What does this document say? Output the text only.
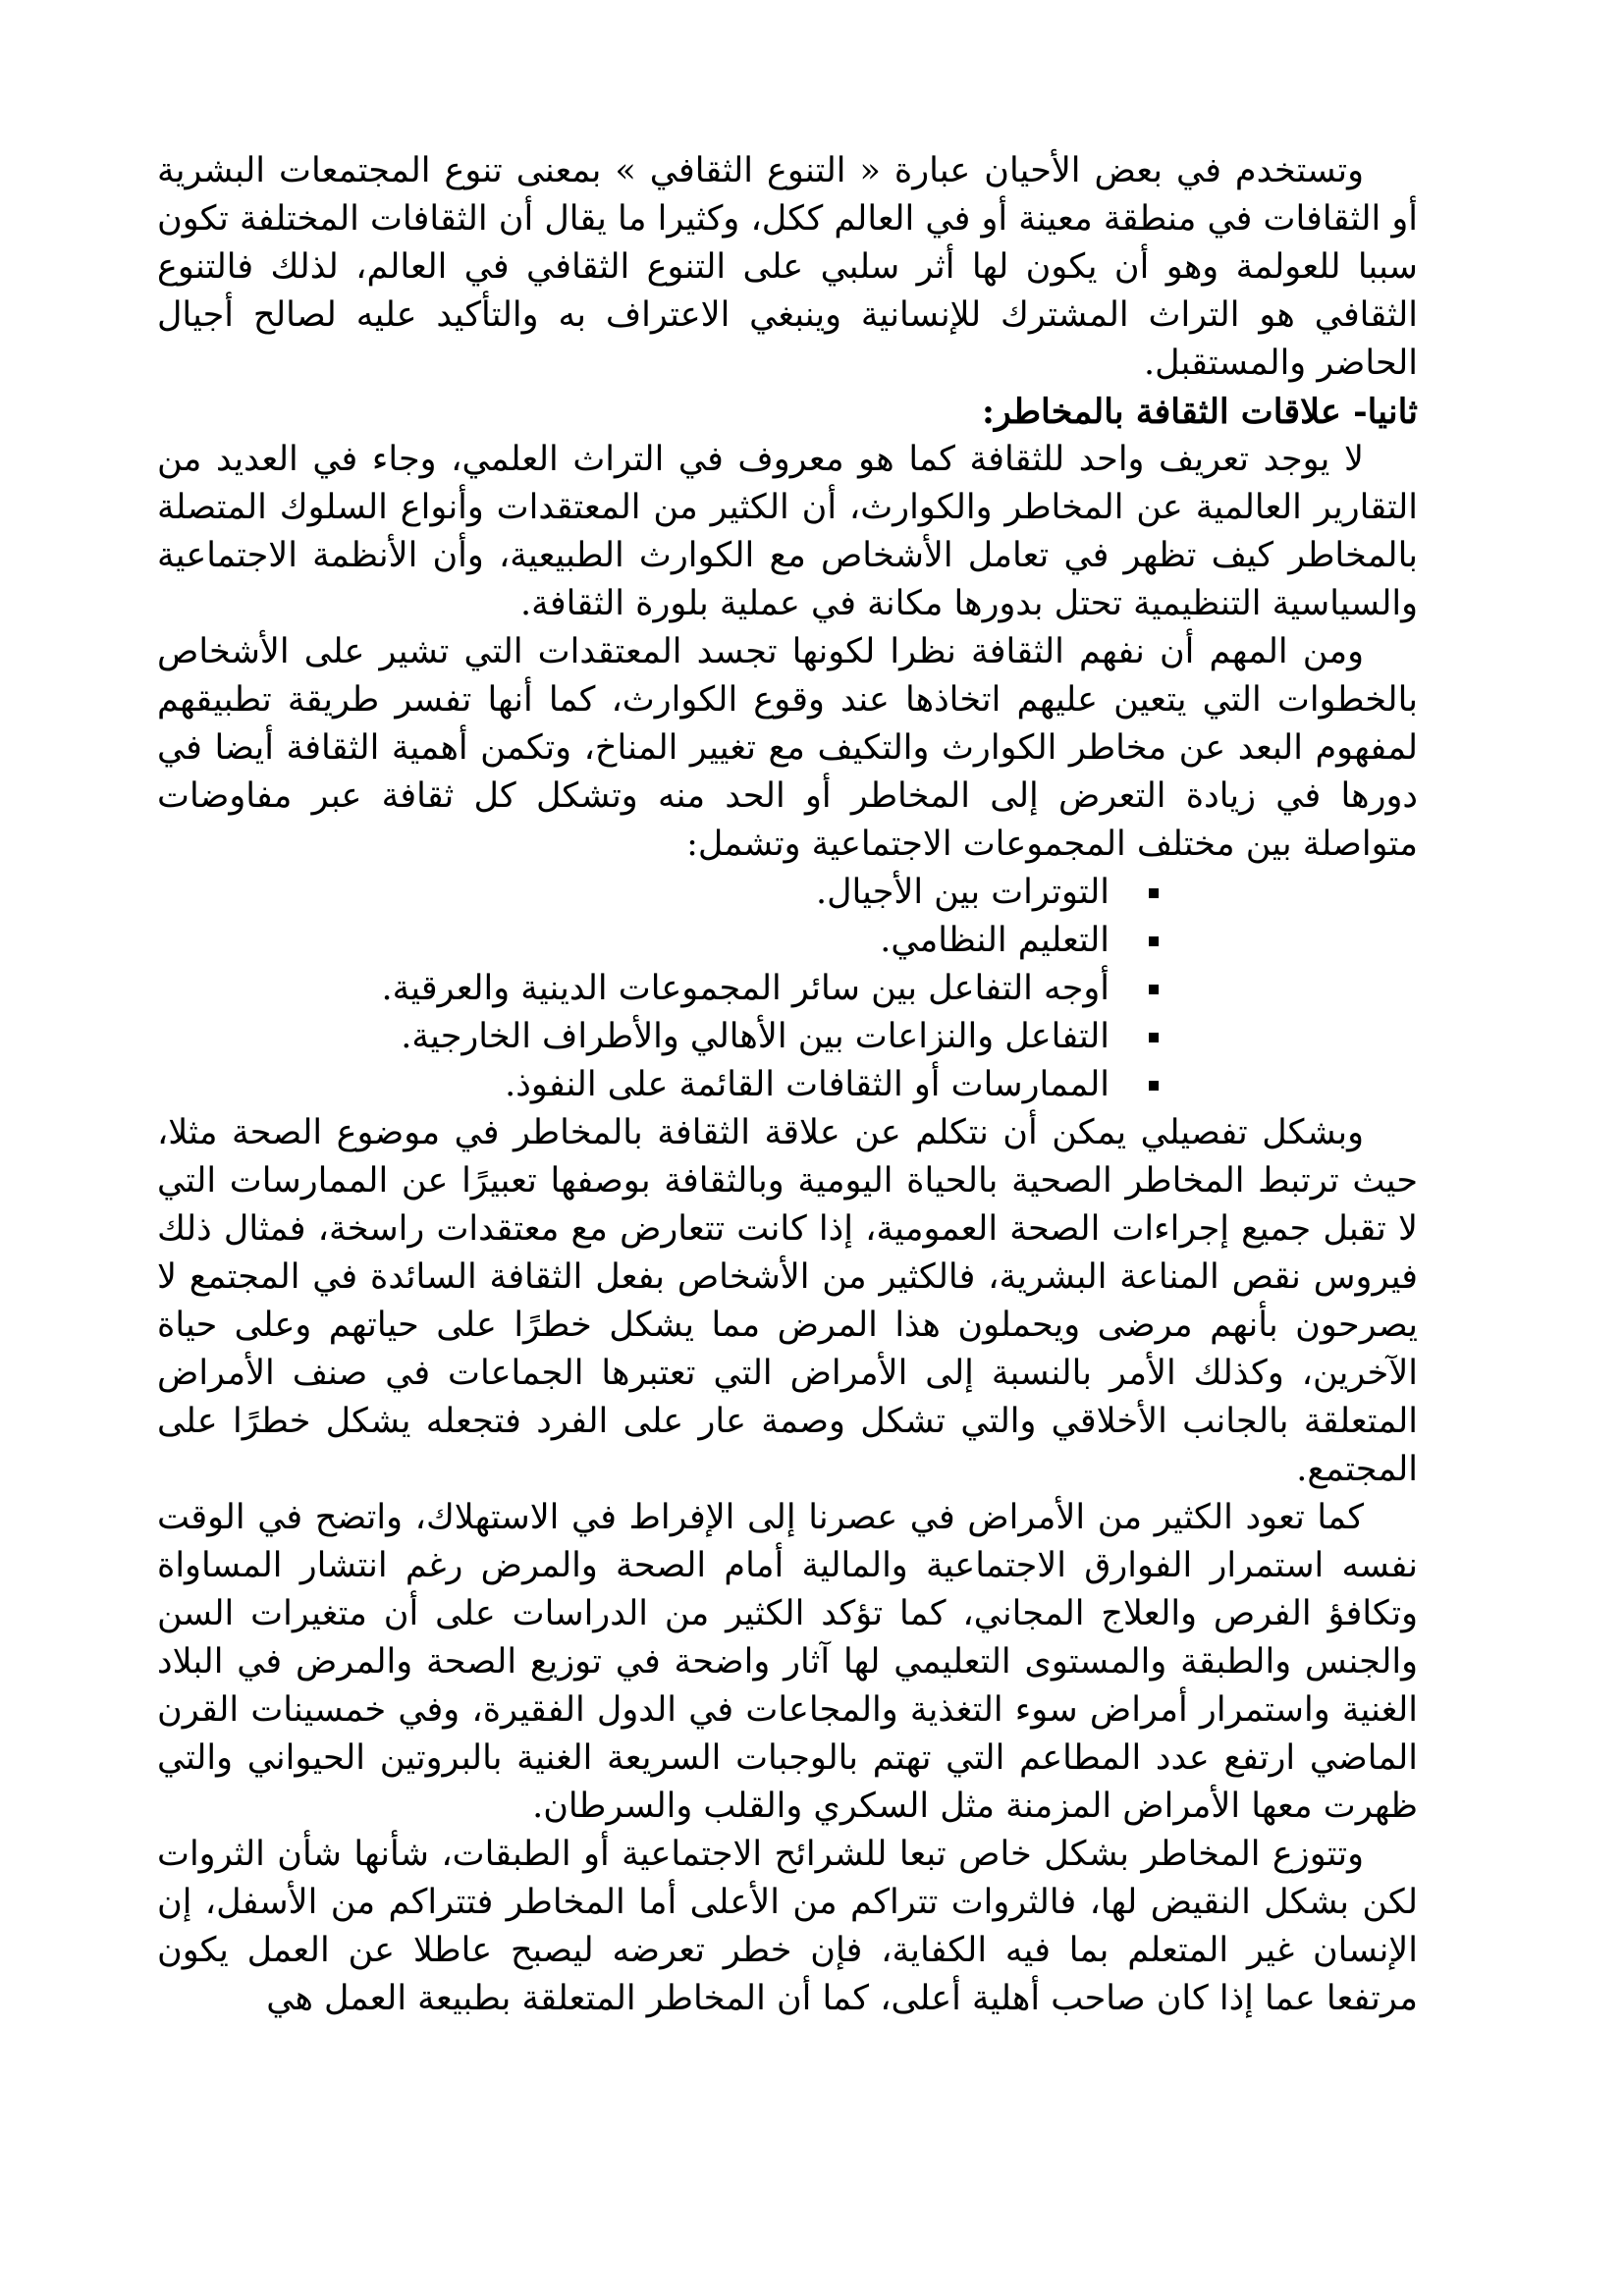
وتستخدم في بعض الأحيان عبارة « التنوع الثقافي » بمعنى تنوع المجتمعات البشرية أو الثقافات في منطقة معينة أو في العالم ككل، وكثيرا ما يقال أن الثقافات المختلفة تكون سببا للعولمة وهو أن يكون لها أثر سلبي على التنوع الثقافي في العالم، لذلك فالتنوع الثقافي هو التراث المشترك للإنسانية وينبغي الاعتراف به والتأكيد عليه لصالح أجيال الحاضر والمستقبل.

ثانيا- علاقات الثقافة بالمخاطر:

لا يوجد تعريف واحد للثقافة كما هو معروف في التراث العلمي، وجاء في العديد من التقارير العالمية عن المخاطر والكوارث، أن الكثير من المعتقدات وأنواع السلوك المتصلة بالمخاطر كيف تظهر في تعامل الأشخاص مع الكوارث الطبيعية، وأن الأنظمة الاجتماعية والسياسية التنظيمية تحتل بدورها مكانة في عملية بلورة الثقافة.

ومن المهم أن نفهم الثقافة نظرا لكونها تجسد المعتقدات التي تشير على الأشخاص بالخطوات التي يتعين عليهم اتخاذها عند وقوع الكوارث، كما أنها تفسر طريقة تطبيقهم لمفهوم البعد عن مخاطر الكوارث والتكيف مع تغيير المناخ، وتكمن أهمية الثقافة أيضا في دورها في زيادة التعرض إلى المخاطر أو الحد منه وتشكل كل ثقافة عبر مفاوضات متواصلة بين مختلف المجموعات الاجتماعية وتشمل:

التوترات بين الأجيال.
التعليم النظامي.
أوجه التفاعل بين سائر المجموعات الدينية والعرقية.
التفاعل والنزاعات بين الأهالي والأطراف الخارجية.
الممارسات أو الثقافات القائمة على النفوذ.

وبشكل تفصيلي يمكن أن نتكلم عن علاقة الثقافة بالمخاطر في موضوع الصحة مثلا، حيث ترتبط المخاطر الصحية بالحياة اليومية وبالثقافة بوصفها تعبيرًا عن الممارسات التي لا تقبل جميع إجراءات الصحة العمومية، إذا كانت تتعارض مع معتقدات راسخة، فمثال ذلك فيروس نقص المناعة البشرية، فالكثير من الأشخاص بفعل الثقافة السائدة في المجتمع لا يصرحون بأنهم مرضى ويحملون هذا المرض مما يشكل خطرًا على حياتهم وعلى حياة الآخرين، وكذلك الأمر بالنسبة إلى الأمراض التي تعتبرها الجماعات في صنف الأمراض المتعلقة بالجانب الأخلاقي والتي تشكل وصمة عار على الفرد فتجعله يشكل خطرًا على المجتمع.

كما تعود الكثير من الأمراض في عصرنا إلى الإفراط في الاستهلاك، واتضح في الوقت نفسه استمرار الفوارق الاجتماعية والمالية أمام الصحة والمرض رغم انتشار المساواة وتكافؤ الفرص والعلاج المجاني، كما تؤكد الكثير من الدراسات على أن متغيرات السن والجنس والطبقة والمستوى التعليمي لها آثار واضحة في توزيع الصحة والمرض في البلاد الغنية واستمرار أمراض سوء التغذية والمجاعات في الدول الفقيرة، وفي خمسينات القرن الماضي ارتفع عدد المطاعم التي تهتم بالوجبات السريعة الغنية بالبروتين الحيواني والتي ظهرت معها الأمراض المزمنة مثل السكري والقلب والسرطان.

وتتوزع المخاطر بشكل خاص تبعا للشرائح الاجتماعية أو الطبقات، شأنها شأن الثروات لكن بشكل النقيض لها، فالثروات تتراكم من الأعلى أما المخاطر فتتراكم من الأسفل، إن الإنسان غير المتعلم بما فيه الكفاية، فإن خطر تعرضه ليصبح عاطلا عن العمل يكون مرتفعا عما إذا كان صاحب أهلية أعلى، كما أن المخاطر المتعلقة بطبيعة العمل هي
